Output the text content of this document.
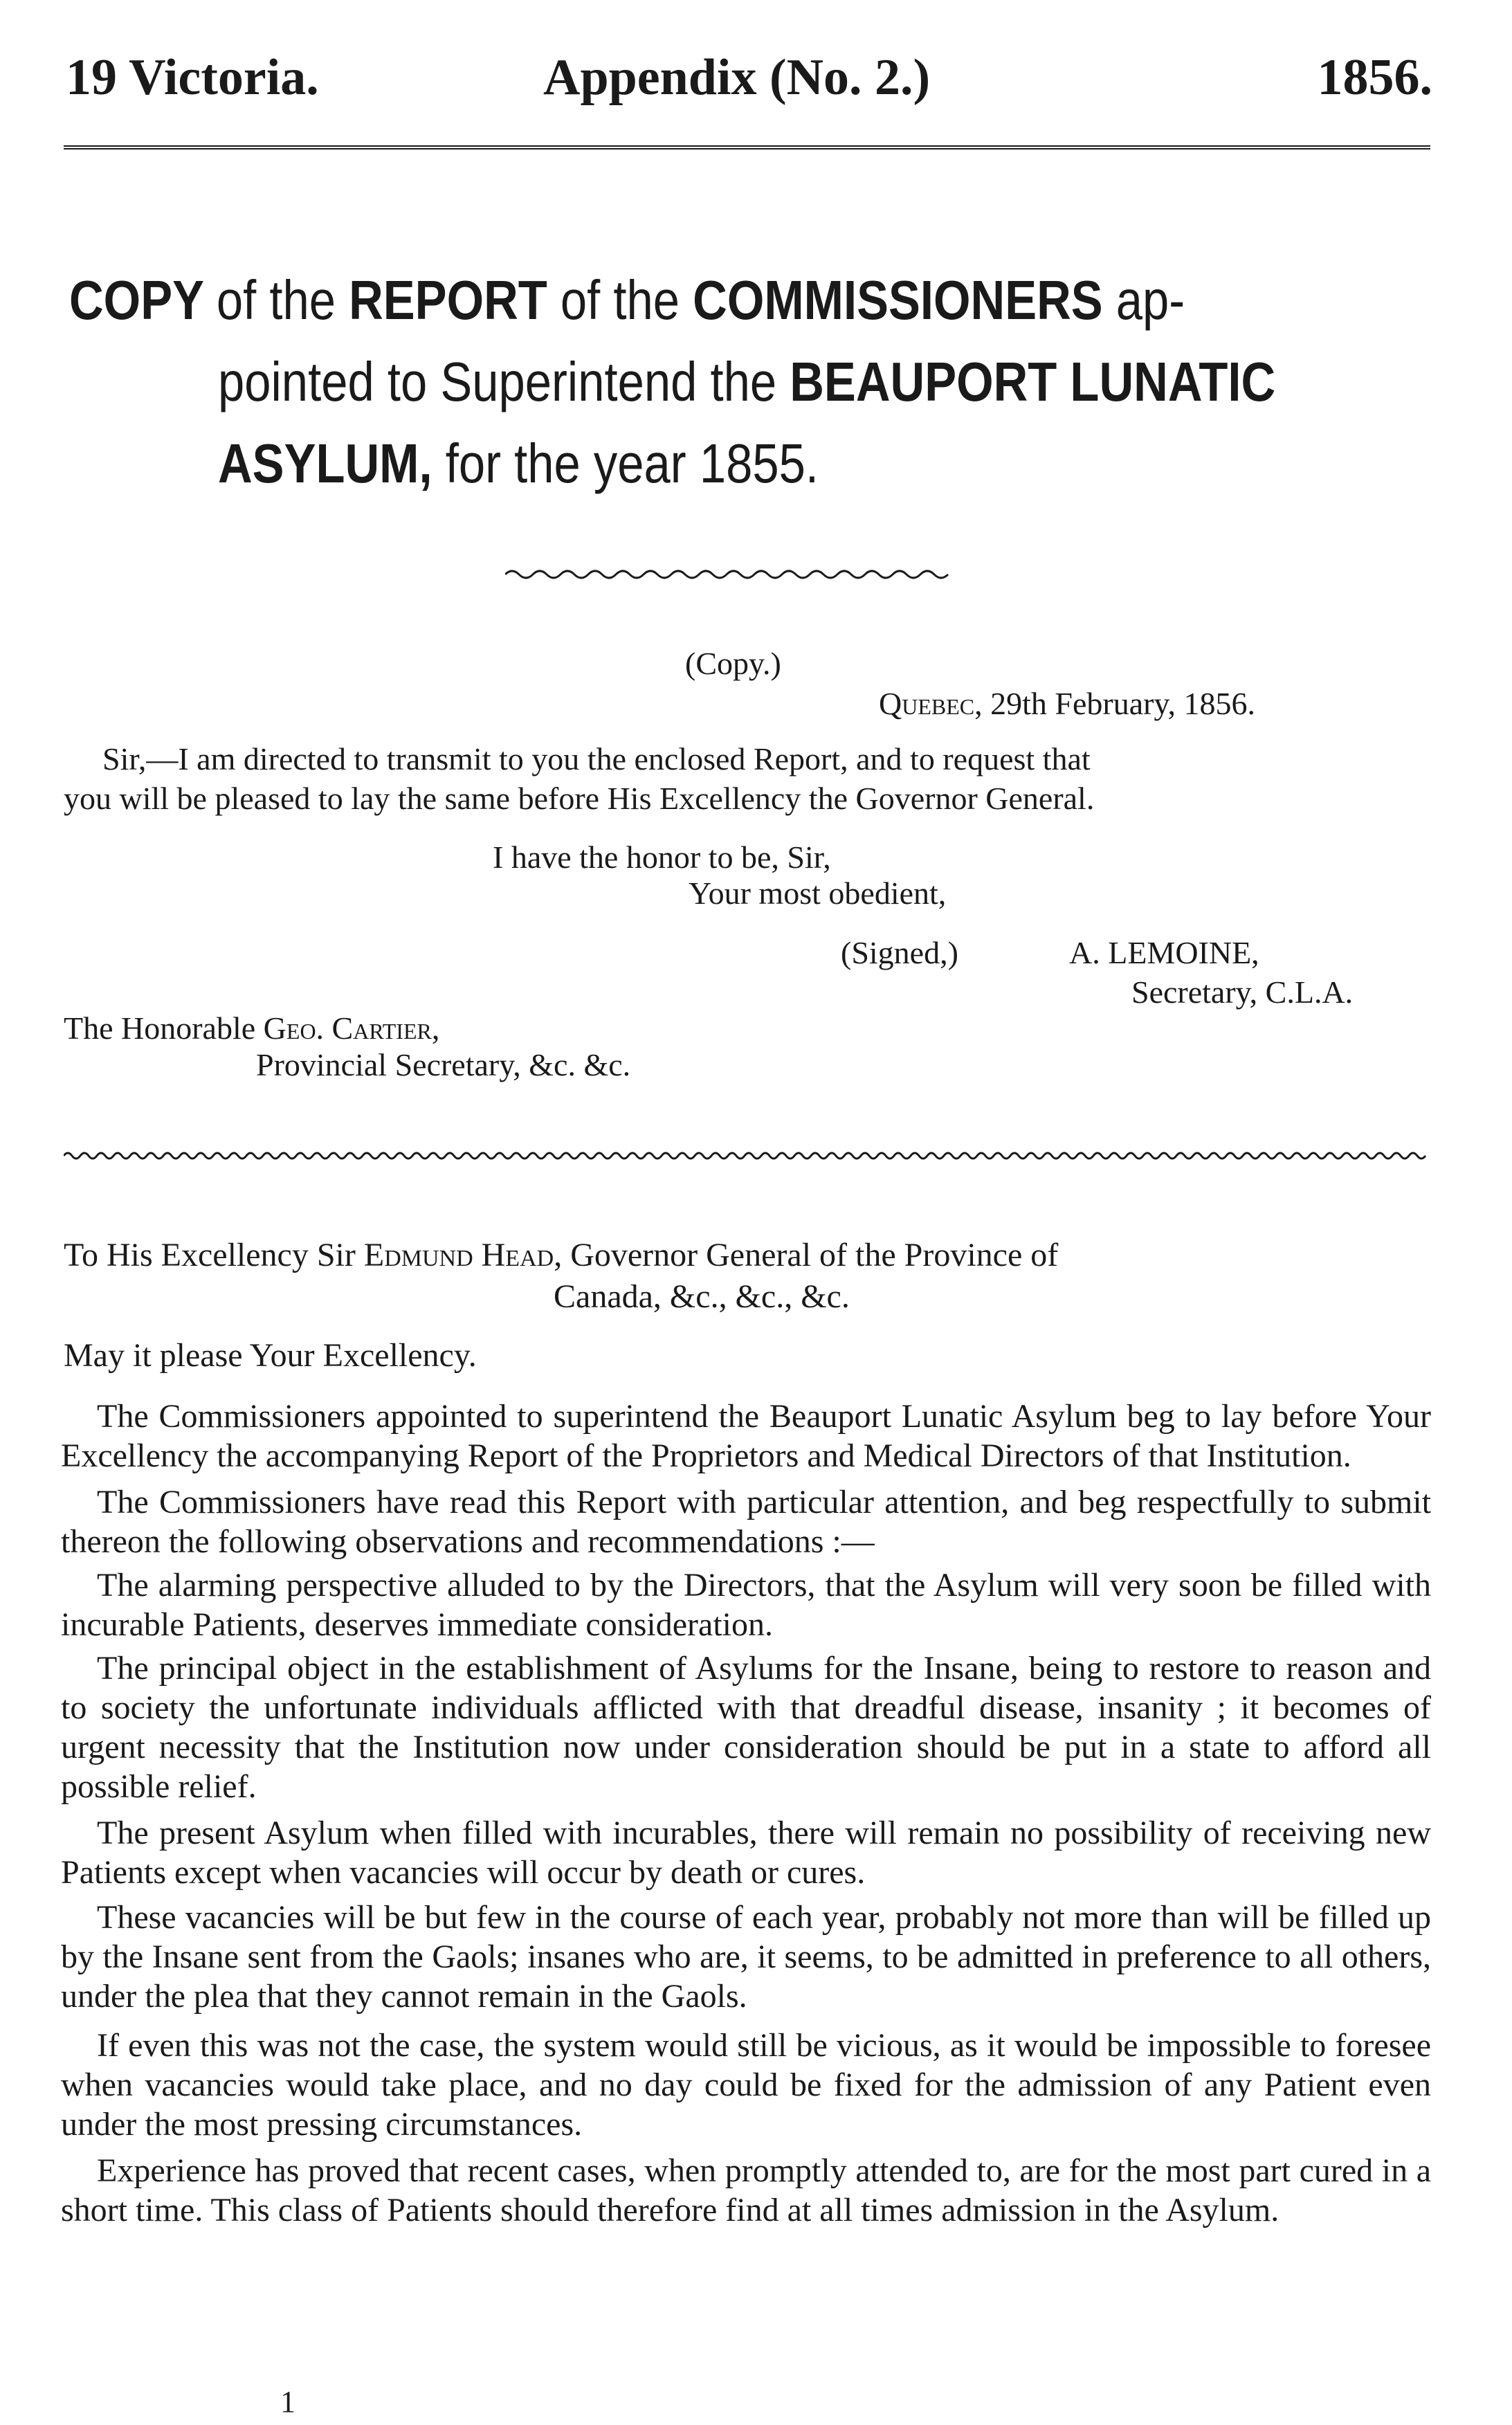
19 Victoria.	Appendix (No. 2.)	1856.
COPY of the REPORT of the COMMISSIONERS ap-
pointed to Superintend the BEAUPORT LUNATIC
ASYLUM, for the year 1855.
(Copy.)
Quebec, 29th February, 1856.
Sir,—I am directed to transmit to you the enclosed Report, and to request that
you will be pleased to lay the same before His Excellency the Governor General.
I have the honor to be, Sir,
Your most obedient,
(Signed,)	A. LEMOINE,
Secretary, C.L.A.
The Honorable Geo. Cartier,
Provincial Secretary, &c. &c.
To His Excellency Sir Edmund Head, Governor General of the Province of
Canada, &c., &c., &c.
May it please Your Excellency.

The Commissioners appointed to superintend the Beauport Lunatic Asylum beg to lay before Your Excellency the accompanying Report of the Proprietors and Medical Directors of that Institution.

The Commissioners have read this Report with particular attention, and beg respectfully to submit thereon the following observations and recommendations :—

The alarming perspective alluded to by the Directors, that the Asylum will very soon be filled with incurable Patients, deserves immediate consideration.

The principal object in the establishment of Asylums for the Insane, being to restore to reason and to society the unfortunate individuals afflicted with that dreadful disease, insanity ; it becomes of urgent necessity that the Institution now under consideration should be put in a state to afford all possible relief.

The present Asylum when filled with incurables, there will remain no possibility of receiving new Patients except when vacancies will occur by death or cures.

These vacancies will be but few in the course of each year, probably not more than will be filled up by the Insane sent from the Gaols; insanes who are, it seems, to be admitted in preference to all others, under the plea that they cannot remain in the Gaols.

If even this was not the case, the system would still be vicious, as it would be impossible to foresee when vacancies would take place, and no day could be fixed for the admission of any Patient even under the most pressing circumstances.

Experience has proved that recent cases, when promptly attended to, are for the most part cured in a short time. This class of Patients should therefore find at all times admission in the Asylum.

1
